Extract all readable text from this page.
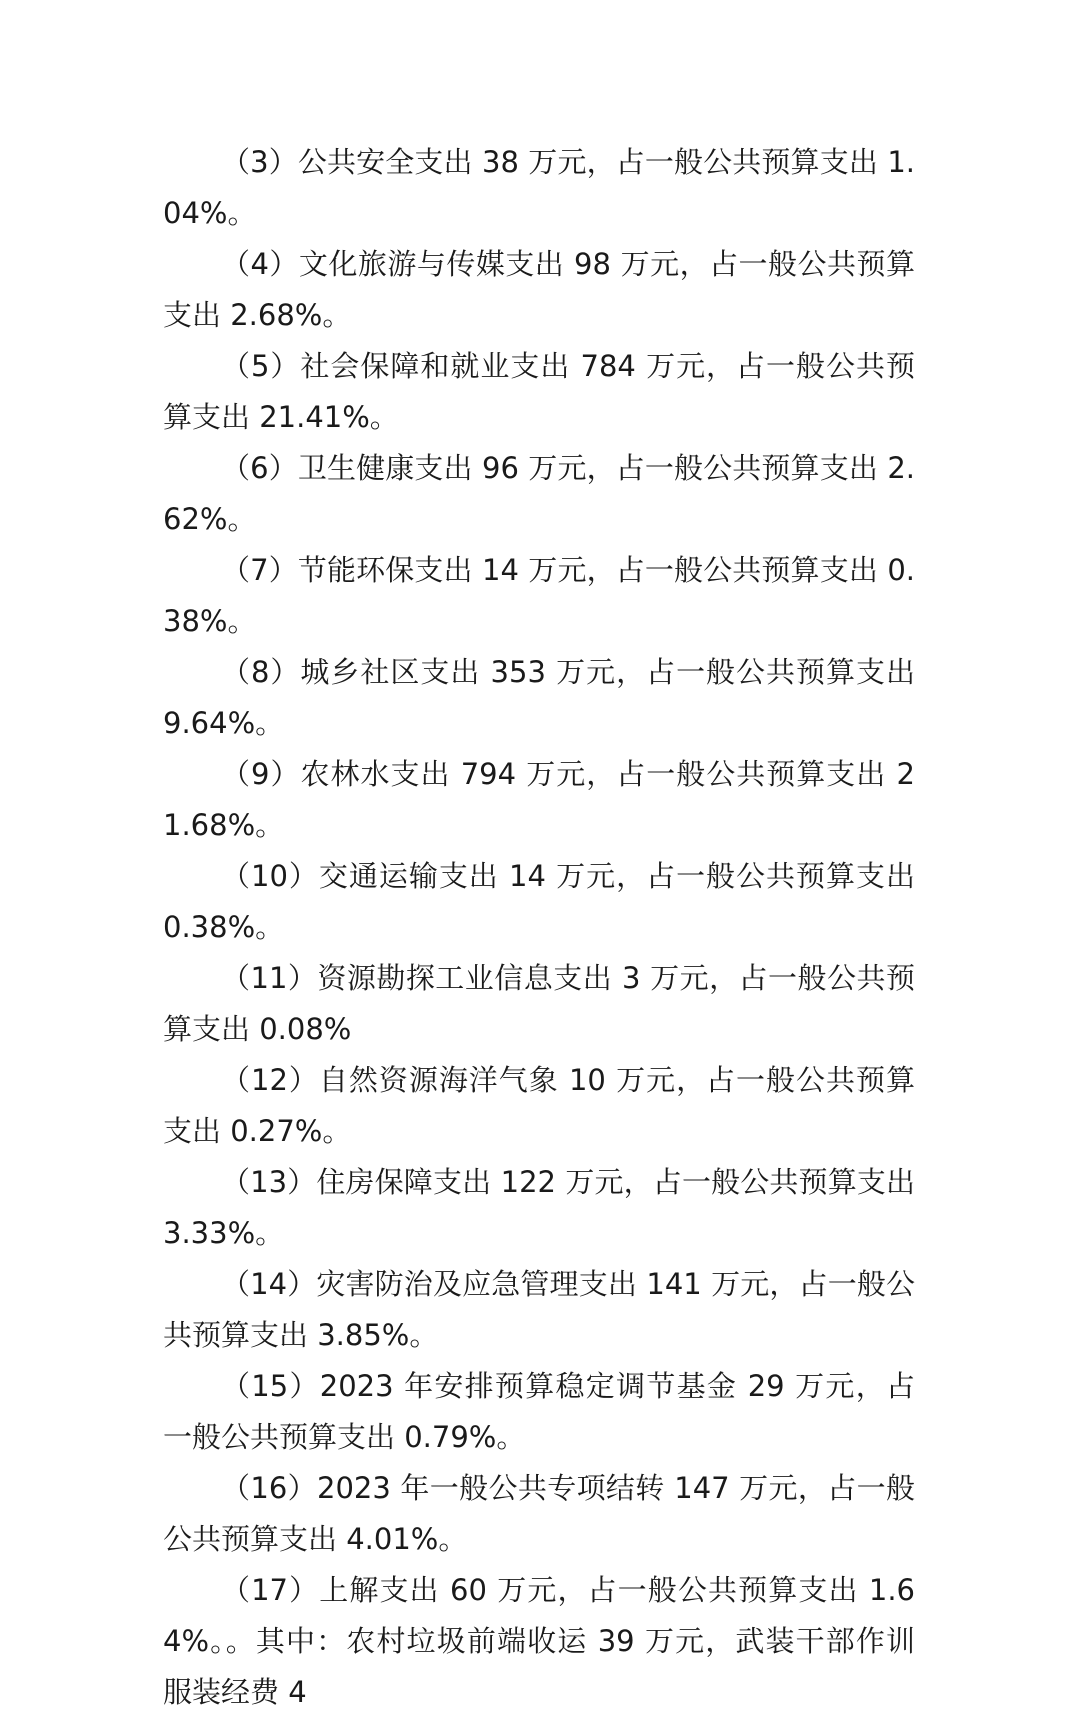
（3）公共安全支出 38 万元，占一般公共预算支出 1.04%。

（4）文化旅游与传媒支出 98 万元，占一般公共预算支出 2.68%。

（5）社会保障和就业支出 784 万元，占一般公共预算支出 21.41%。

（6）卫生健康支出 96 万元，占一般公共预算支出 2.62%。

（7）节能环保支出 14 万元，占一般公共预算支出 0.38%。

（8）城乡社区支出 353 万元，占一般公共预算支出 9.64%。

（9）农林水支出 794 万元，占一般公共预算支出 21.68%。

（10）交通运输支出 14 万元，占一般公共预算支出 0.38%。

（11）资源勘探工业信息支出 3 万元，占一般公共预算支出 0.08%

（12）自然资源海洋气象 10 万元，占一般公共预算支出 0.27%。

（13）住房保障支出 122 万元，占一般公共预算支出 3.33%。

（14）灾害防治及应急管理支出 141 万元，占一般公共预算支出 3.85%。

（15）2023 年安排预算稳定调节基金 29 万元，占一般公共预算支出 0.79%。

（16）2023 年一般公共专项结转 147 万元，占一般公共预算支出 4.01%。

（17）上解支出 60 万元，占一般公共预算支出 1.64%。。其中：农村垃圾前端收运 39 万元，武装干部作训服装经费 4
